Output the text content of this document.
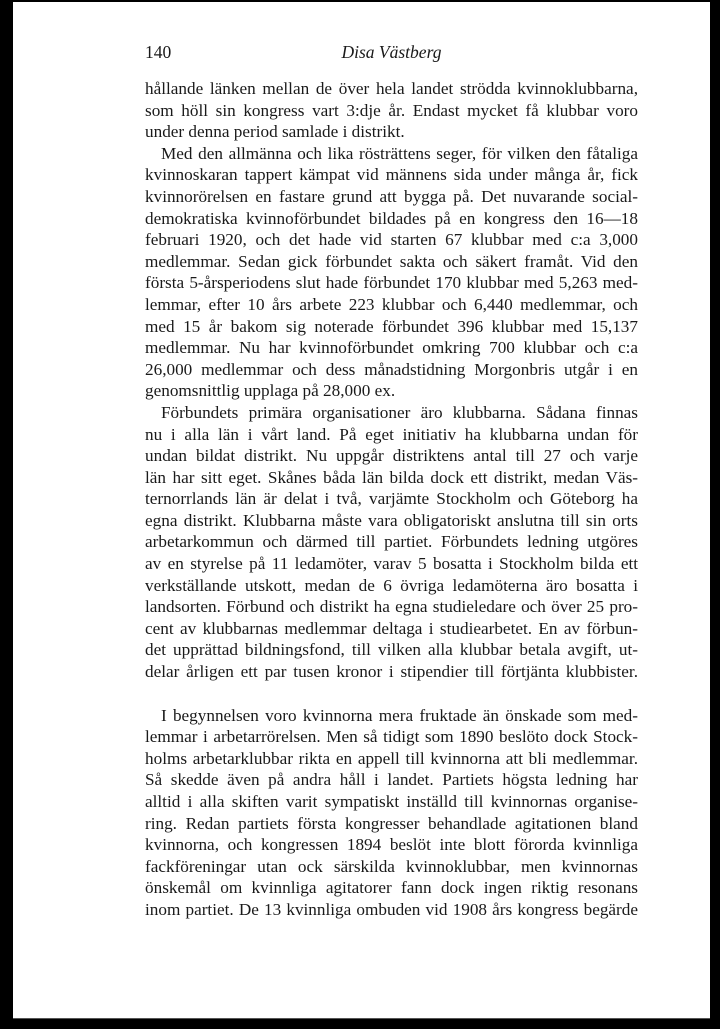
140	Disa Västberg

hållande länken mellan de över hela landet strödda kvinnoklubbarna,
som höll sin kongress vart 3:dje år. Endast mycket få klubbar voro
under denna period samlade i distrikt.

Med den allmänna och lika rösträttens seger, för vilken den fåtaliga
kvinnoskaran tappert kämpat vid männens sida under många år, fick
kvinnorörelsen en fastare grund att bygga på. Det nuvarande social-
demokratiska kvinnoförbundet bildades på en kongress den 16—18
februari 1920, och det hade vid starten 67 klubbar med c:a 3,000
medlemmar. Sedan gick förbundet sakta och säkert framåt. Vid den
första 5-årsperiodens slut hade förbundet 170 klubbar med 5,263 med-
lemmar, efter 10 års arbete 223 klubbar och 6,440 medlemmar, och
med 15 år bakom sig noterade förbundet 396 klubbar med 15,137
medlemmar. Nu har kvinnoförbundet omkring 700 klubbar och c:a
26,000 medlemmar och dess månadstidning Morgonbris utgår i en
genomsnittlig upplaga på 28,000 ex.

Förbundets primära organisationer äro klubbarna. Sådana finnas
nu i alla län i vårt land. På eget initiativ ha klubbarna undan för
undan bildat distrikt. Nu uppgår distriktens antal till 27 och varje
län har sitt eget. Skånes båda län bilda dock ett distrikt, medan Väs-
ternorrlands län är delat i två, varjämte Stockholm och Göteborg ha
egna distrikt. Klubbarna måste vara obligatoriskt anslutna till sin orts
arbetarkommun och därmed till partiet. Förbundets ledning utgöres
av en styrelse på 11 ledamöter, varav 5 bosatta i Stockholm bilda ett
verkställande utskott, medan de 6 övriga ledamöterna äro bosatta i
landsorten. Förbund och distrikt ha egna studieledare och över 25 pro-
cent av klubbarnas medlemmar deltaga i studiearbetet. En av förbun-
det upprättad bildningsfond, till vilken alla klubbar betala avgift, ut-
delar årligen ett par tusen kronor i stipendier till förtjänta klubbister.

I begynnelsen voro kvinnorna mera fruktade än önskade som med-
lemmar i arbetarrörelsen. Men så tidigt som 1890 beslöto dock Stock-
holms arbetarklubbar rikta en appell till kvinnorna att bli medlemmar.
Så skedde även på andra håll i landet. Partiets högsta ledning har
alltid i alla skiften varit sympatiskt inställd till kvinnornas organise-
ring. Redan partiets första kongresser behandlade agitationen bland
kvinnorna, och kongressen 1894 beslöt inte blott förorda kvinnliga
fackföreningar utan ock särskilda kvinnoklubbar, men kvinnornas
önskemål om kvinnliga agitatorer fann dock ingen riktig resonans
inom partiet. De 13 kvinnliga ombuden vid 1908 års kongress begärde
